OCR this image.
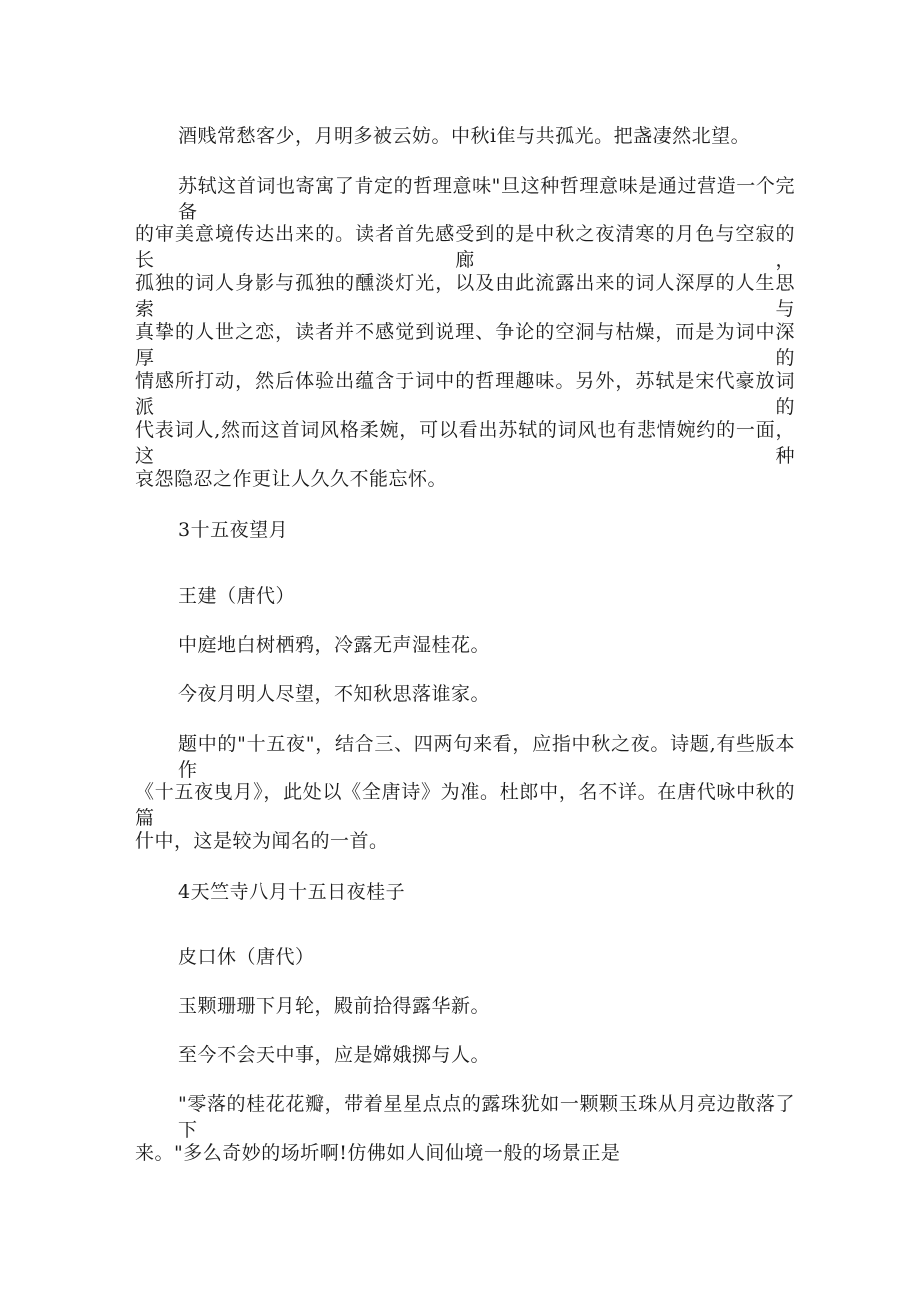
酒贱常愁客少，月明多被云妨。中秋i隹与共孤光。把盏凄然北望。
苏轼这首词也寄寓了肯定的哲理意味"旦这种哲理意味是通过营造一个完备
的审美意境传达出来的。读者首先感受到的是中秋之夜清寒的月色与空寂的长廊，
孤独的词人身影与孤独的醺淡灯光，以及由此流露出来的词人深厚的人生思索与
真挚的人世之恋，读者并不感觉到说理、争论的空洞与枯燥，而是为词中深厚的
情感所打动，然后体验出蕴含于词中的哲理趣味。另外，苏轼是宋代豪放词派的
代表词人,然而这首词风格柔婉，可以看出苏轼的词风也有悲情婉约的一面，这种
哀怨隐忍之作更让人久久不能忘怀。
3十五夜望月
王建（唐代）
中庭地白树栖鸦，冷露无声湿桂花。
今夜月明人尽望，不知秋思落谁家。
题中的"十五夜"，结合三、四两句来看，应指中秋之夜。诗题,有些版本作
《十五夜曳月》，此处以《全唐诗》为准。杜郎中，名不详。在唐代咏中秋的篇
什中，这是较为闻名的一首。
4天竺寺八月十五日夜桂子
皮口休（唐代）
玉颗珊珊下月轮，殿前拾得露华新。
至今不会天中事，应是嫦娥掷与人。
"零落的桂花花瓣，带着星星点点的露珠犹如一颗颗玉珠从月亮边散落了下
来。"多么奇妙的场圻啊!仿佛如人间仙境一般的场景正是
